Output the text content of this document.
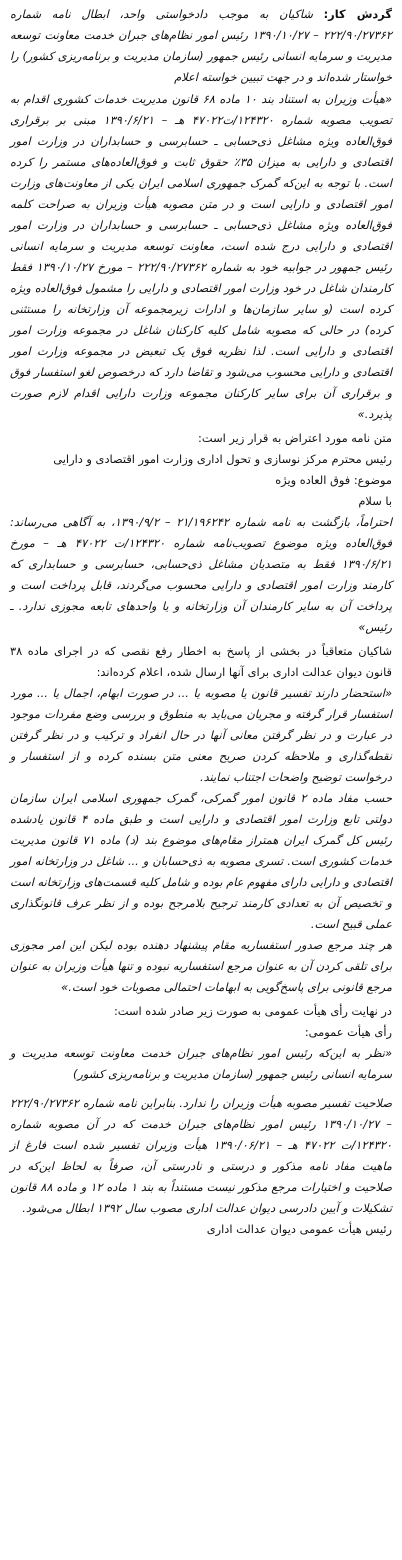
گردش کار: شاکیان به موجب دادخواستی واحد، ابطال نامه شماره ۲۲۲/۹۰/۲۷۳۶۲ – ۱۳۹۰/۱۰/۲۷ رئیس امور نظام‌های جبران خدمت معاونت توسعه مدیریت و سرمایه انسانی رئیس جمهور (سازمان مدیریت و برنامه‌ریزی کشور) را خواستار شده‌اند و در جهت تبیین خواسته اعلام

«هیأت وزیران به استناد بند ۱۰ ماده ۶۸ قانون مدیریت خدمات کشوری اقدام به تصویب مصوبه شماره ۱۲۴۳۲۰/ت۴۷۰۲۲ هـ – ۱۳۹۰/۶/۲۱ مبنی بر برقراری فوق‌العاده ویژه مشاغل ذی‌حسابی ـ حسابرسی و حسابداران در وزارت امور اقتصادی و دارایی به میزان ۳۵٪ حقوق ثابت و فوق‌العاده‌های مستمر را کرده است. با توجه به این‌که گمرک جمهوری اسلامی ایران یکی از معاونت‌های وزارت امور اقتصادی و دارایی است و در متن مصوبه هیأت وزیران به صراحت کلمه فوق‌العاده ویژه مشاغل ذی‌حسابی ـ حسابرسی و حسابداران در وزارت امور اقتصادی و دارایی درج شده است، معاونت توسعه مدیریت و سرمایه انسانی رئیس جمهور در جوابیه خود به شماره ۲۲۲/۹۰/۲۷۳۶۲ – مورخ ۱۳۹۰/۱۰/۲۷ فقط کارمندان شاغل در خود وزارت امور اقتصادی و دارایی را مشمول فوق‌العاده ویژه کرده است (و سایر سازمان‌ها و ادارات زیرمجموعه آن وزارتخانه را مستثنی کرده) در حالی که مصوبه شامل کلیه کارکنان شاغل در مجموعه وزارت امور اقتصادی و دارایی است. لذا نظریه فوق یک تبعیض در مجموعه وزارت امور اقتصادی و دارایی محسوب می‌شود و تقاضا دارد که درخصوص لغو استفسار فوق و برقراری آن برای سایر کارکنان مجموعه وزارت دارایی اقدام لازم صورت پذیرد.»

متن نامه مورد اعتراض به قرار زیر است:

رئیس محترم مرکز نوسازی و تحول اداری وزارت امور اقتصادی و دارایی

موضوع: فوق العاده ویژه

با سلام

احتراماً، بازگشت به نامه شماره ۲۱/۱۹۶۲۴۲ – ۱۳۹۰/۹/۲، به آگاهی می‌رساند: فوق‌العاده ویژه موضوع تصویب‌نامه شماره ۱۲۴۳۲۰/ت ۴۷۰۲۲ هـ – مورخ ۱۳۹۰/۶/۲۱ فقط به متصدیان مشاغل ذی‌حسابی، حسابرسی و حسابداری که کارمند وزارت امور اقتصادی و دارایی محسوب می‌گردند، قابل پرداخت است و پرداخت آن به سایر کارمندان آن وزارتخانه و یا واحدهای تابعه مجوزی ندارد. ـ رئیس»

شاکیان متعاقباً در بخشی از پاسخ به اخطار رفع نقصی که در اجرای ماده ۳۸ قانون دیوان عدالت اداری برای آنها ارسال شده، اعلام کرده‌اند:

«استحضار دارند تفسیر قانون یا مصوبه یا ... در صورت ابهام، اجمال یا ... مورد استفسار قرار گرفته و مجریان می‌باید به منطوق و بررسی وضع مفردات موجود در عبارت و در نظر گرفتن معانی آنها در حال انفراد و ترکیب و در نظر گرفتن نقطه‌گذاری و ملاحظه کردن صریح معنی متن بسنده کرده و از استفسار و درخواست توضیح واضحات اجتناب نمایند.

حسب مفاد ماده ۲ قانون امور گمرکی، گمرک جمهوری اسلامی ایران سازمان دولتی تابع وزارت امور اقتصادی و دارایی است و طبق ماده ۴ قانون یادشده رئیس کل گمرک ایران همتراز مقام‌های موضوع بند (د) ماده ۷۱ قانون مدیریت خدمات کشوری است. تسری مصوبه به ذی‌حسابان و ... شاغل در وزارتخانه امور اقتصادی و دارایی دارای مفهوم عام بوده و شامل کلیه قسمت‌های وزارتخانه است و تخصیص آن به تعدادی کارمند ترجیح بلامرجح بوده و از نظر عرف قانونگذاری عملی قبیح است.

هر چند مرجع صدور استفساریه مقام پیشنهاد دهنده بوده لیکن این امر مجوزی برای تلقی کردن آن به عنوان مرجع استفساریه نبوده و تنها هیأت وزیران به عنوان مرجع قانونی برای پاسخ‌گویی به ابهامات احتمالی مصوبات خود است.»

در نهایت رأی هیأت عمومی به صورت زیر صادر شده است:

رأی هیأت عمومی:

«نظر به این‌که رئیس امور نظام‌های جبران خدمت معاونت توسعه مدیریت و سرمایه انسانی رئیس جمهور (سازمان مدیریت و برنامه‌ریزی کشور)

صلاحیت تفسیر مصوبه هیأت وزیران را ندارد. بنابراین نامه شماره ۲۲۲/۹۰/۲۷۳۶۲ – ۱۳۹۰/۱۰/۲۷ رئیس امور نظام‌های جبران خدمت که در آن مصوبه شماره ۱۲۴۳۲۰/ت ۴۷۰۲۲ هـ – ۱۳۹۰/۰۶/۲۱ هیأت وزیران تفسیر شده است فارغ از ماهیت مفاد نامه مذکور و درستی و نادرستی آن، صرفاً به لحاظ این‌که در صلاحیت و اختیارات مرجع مذکور نیست مستنداً به بند ۱ ماده ۱۲ و ماده ۸۸ قانون تشکیلات و آیین دادرسی دیوان عدالت اداری مصوب سال ۱۳۹۲ ابطال می‌شود.

رئیس هیأت عمومی دیوان عدالت اداری
